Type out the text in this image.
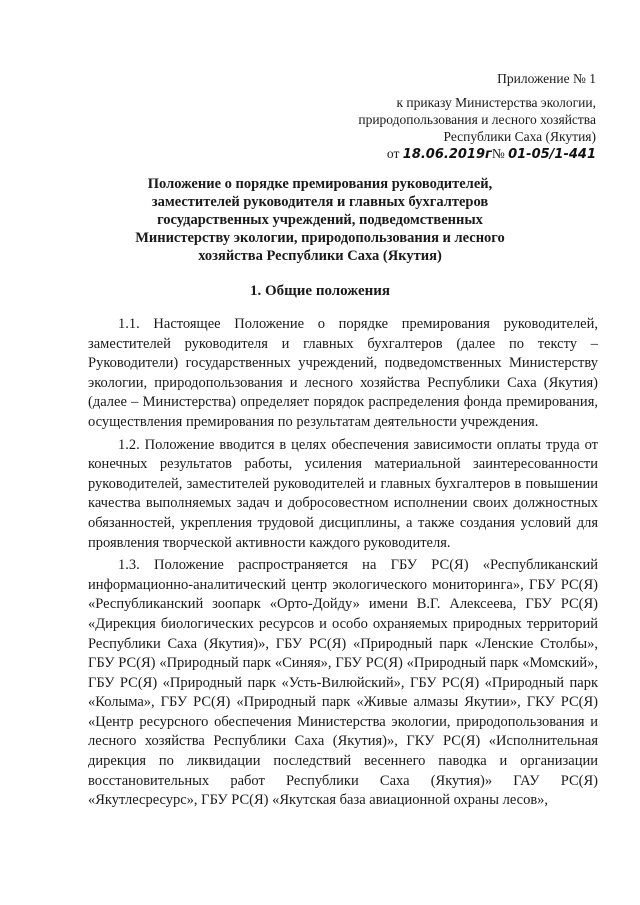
Приложение № 1
к приказу Министерства экологии,
природопользования и лесного хозяйства
Республики Саха (Якутия)
от 18.06.2019г№ 01-05/1-441
Положение о порядке премирования руководителей, заместителей руководителя и главных бухгалтеров государственных учреждений, подведомственных Министерству экологии, природопользования и лесного хозяйства Республики Саха (Якутия)
1. Общие положения

1.1. Настоящее Положение о порядке премирования руководителей, заместителей руководителя и главных бухгалтеров (далее по тексту – Руководители) государственных учреждений, подведомственных Министерству экологии, природопользования и лесного хозяйства Республики Саха (Якутия) (далее – Министерства) определяет порядок распределения фонда премирования, осуществления премирования по результатам деятельности учреждения.

1.2. Положение вводится в целях обеспечения зависимости оплаты труда от конечных результатов работы, усиления материальной заинтересованности руководителей, заместителей руководителей и главных бухгалтеров в повышении качества выполняемых задач и добросовестном исполнении своих должностных обязанностей, укрепления трудовой дисциплины, а также создания условий для проявления творческой активности каждого руководителя.

1.3. Положение распространяется на ГБУ РС(Я) «Республиканский информационно-аналитический центр экологического мониторинга», ГБУ РС(Я) «Республиканский зоопарк «Орто-Дойду» имени В.Г. Алексеева, ГБУ РС(Я) «Дирекция биологических ресурсов и особо охраняемых природных территорий Республики Саха (Якутия)», ГБУ РС(Я) «Природный парк «Ленские Столбы», ГБУ РС(Я) «Природный парк «Синяя», ГБУ РС(Я) «Природный парк «Момский», ГБУ РС(Я) «Природный парк «Усть-Вилюйский», ГБУ РС(Я) «Природный парк «Колыма», ГБУ РС(Я) «Природный парк «Живые алмазы Якутии», ГКУ РС(Я) «Центр ресурсного обеспечения Министерства экологии, природопользования и лесного хозяйства Республики Саха (Якутия)», ГКУ РС(Я) «Исполнительная дирекция по ликвидации последствий весеннего паводка и организации восстановительных работ Республики Саха (Якутия)» ГАУ РС(Я) «Якутлесресурс», ГБУ РС(Я) «Якутская база авиационной охраны лесов»,
